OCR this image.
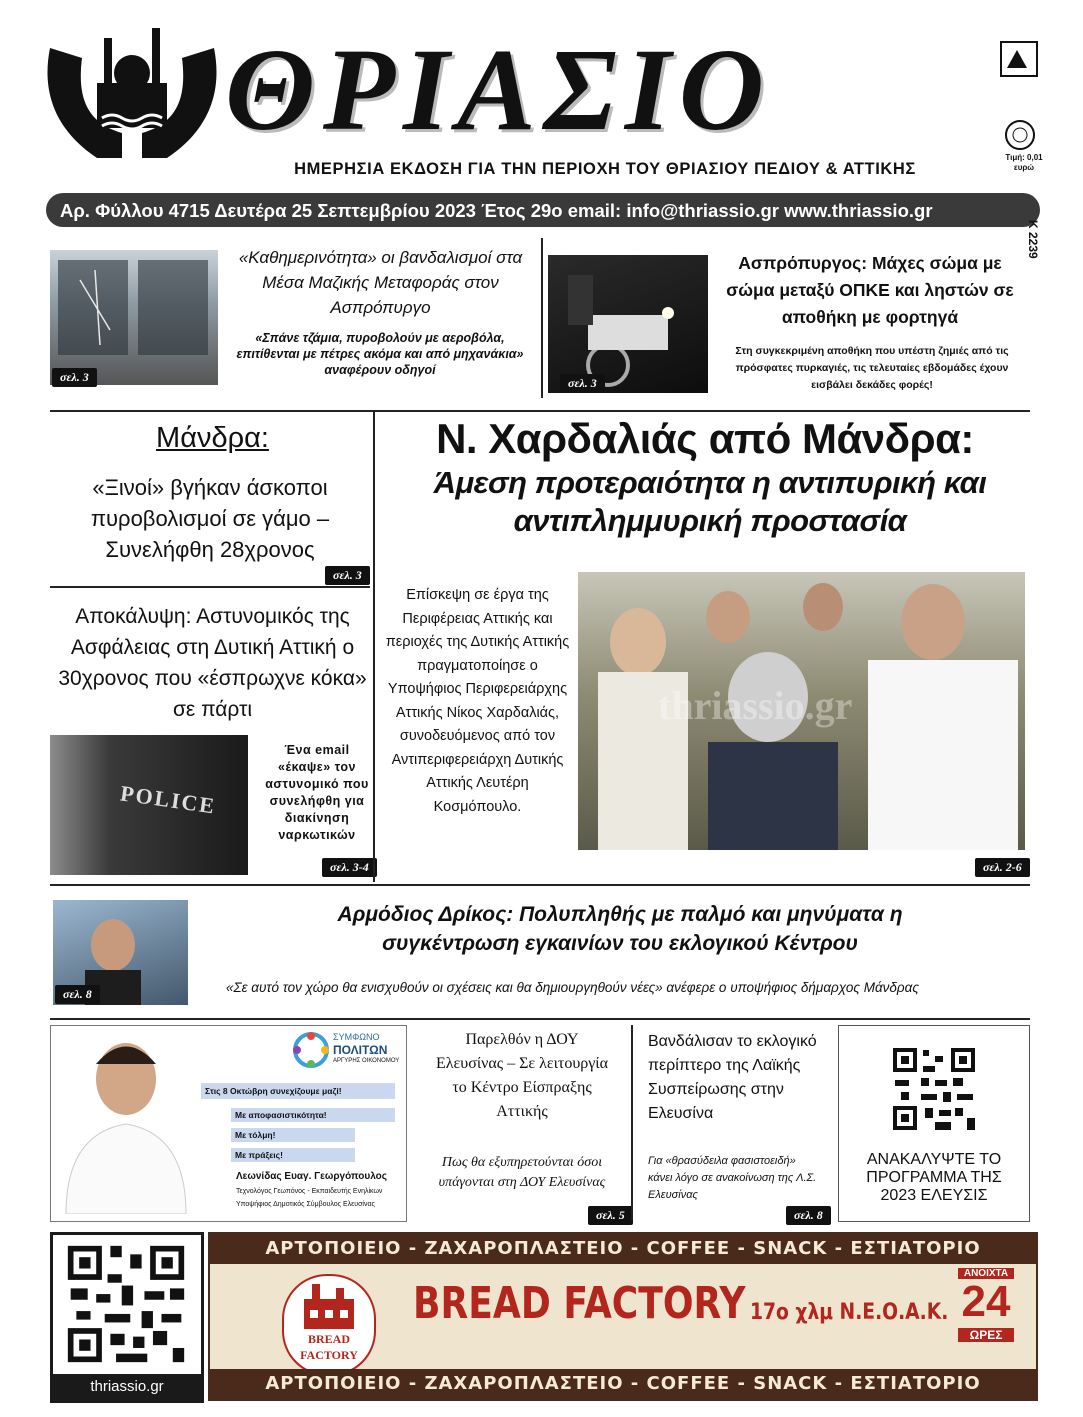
ΘΡΙΑΣΙΟ
Τιμή: 0,01 ευρώ
ΗΜΕΡΗΣΙΑ ΕΚΔΟΣΗ ΓΙΑ ΤΗΝ ΠΕΡΙΟΧΗ ΤΟΥ ΘΡΙΑΣΙΟΥ ΠΕΔΙΟΥ & ΑΤΤΙΚΗΣ
Αρ. Φύλλου 4715 Δευτέρα 25 Σεπτεμβρίου 2023 Έτος 29ο email: info@thriassio.gr www.thriassio.gr
Κ 2239
σελ. 3
«Καθημερινότητα» οι βανδαλισμοί στα Μέσα Μαζικής Μεταφοράς στον Ασπρόπυργο
«Σπάνε τζάμια, πυροβολούν με αεροβόλα, επιτίθενται με πέτρες ακόμα και από μηχανάκια» αναφέρουν οδηγοί
σελ. 3
Ασπρόπυργος: Μάχες σώμα με σώμα μεταξύ ΟΠΚΕ και ληστών σε αποθήκη με φορτηγά
Στη συγκεκριμένη αποθήκη που υπέστη ζημιές από τις πρόσφατες πυρκαγιές, τις τελευταίες εβδομάδες έχουν εισβάλει δεκάδες φορές!
Μάνδρα:
«Ξινοί» βγήκαν άσκοποι πυροβολισμοί σε γάμο – Συνελήφθη 28χρονος
σελ. 3
Αποκάλυψη: Αστυνομικός της Ασφάλειας στη Δυτική Αττική ο 30χρονος που «έσπρωχνε κόκα» σε πάρτι
POLICE
Ένα email «έκαψε» τον αστυνομικό που συνελήφθη για διακίνηση ναρκωτικών
σελ. 3-4
Ν. Χαρδαλιάς από Μάνδρα:
Άμεση προτεραιότητα η αντιπυρική και αντιπλημμυρική προστασία
Επίσκεψη σε έργα της Περιφέρειας Αττικής και περιοχές της Δυτικής Αττικής πραγματοποίησε ο Υποψήφιος Περιφερειάρχης Αττικής Νίκος Χαρδαλιάς, συνοδευόμενος από τον Αντιπεριφερειάρχη Δυτικής Αττικής Λευτέρη Κοσμόπουλο.
thriassio.gr
σελ. 2-6
σελ. 8
Αρμόδιος Δρίκος: Πολυπληθής με παλμό και μηνύματα η συγκέντρωση εγκαινίων του εκλογικού Κέντρου
«Σε αυτό τον χώρο θα ενισχυθούν οι σχέσεις και θα δημιουργηθούν νέες» ανέφερε ο υποψήφιος δήμαρχος Μάνδρας
ΣΥΜΦΩΝΟ
ΠΟΛΙΤΩΝ
ΑΡΓΥΡΗΣ ΟΙΚΟΝΟΜΟΥ
Στις 8 Οκτώβρη συνεχίζουμε μαζί!
Με αποφασιστικότητα!
Με τόλμη!
Με πράξεις!
Λεωνίδας Ευαγ. Γεωργόπουλος
Τεχνολόγος Γεωπόνος - Εκπαιδευτής Ενηλίκων
Υποψήφιος Δημοτικός Σύμβουλος Ελευσίνας
Παρελθόν η ΔΟΥ Ελευσίνας – Σε λειτουργία το Κέντρο Είσπραξης Αττικής
Πως θα εξυπηρετούνται όσοι υπάγονται στη ΔΟΥ Ελευσίνας
σελ. 5
Βανδάλισαν το εκλογικό περίπτερο της Λαϊκής Συσπείρωσης στην Ελευσίνα
Για «θρασύδειλα φασιστοειδή» κάνει λόγο σε ανακοίνωση της Λ.Σ. Ελευσίνας
σελ. 8
ΑΝΑΚΑΛΥΨΤΕ ΤΟ
ΠΡΟΓΡΑΜΜΑ ΤΗΣ
2023 ΕΛΕΥΣΙΣ
thriassio.gr
ΑΡΤΟΠΟΙΕΙΟ - ΖΑΧΑΡΟΠΛΑΣΤΕΙΟ - COFFEE - SNACK - ΕΣΤΙΑΤΟΡΙΟ
BREAD
FACTORY
BREAD FACTORY 17ο χλμ Ν.Ε.Ο.Α.Κ.
ΑΝΟΙΧΤΑ
24
ΩΡΕΣ
ΑΡΤΟΠΟΙΕΙΟ - ΖΑΧΑΡΟΠΛΑΣΤΕΙΟ - COFFEE - SNACK - ΕΣΤΙΑΤΟΡΙΟ
